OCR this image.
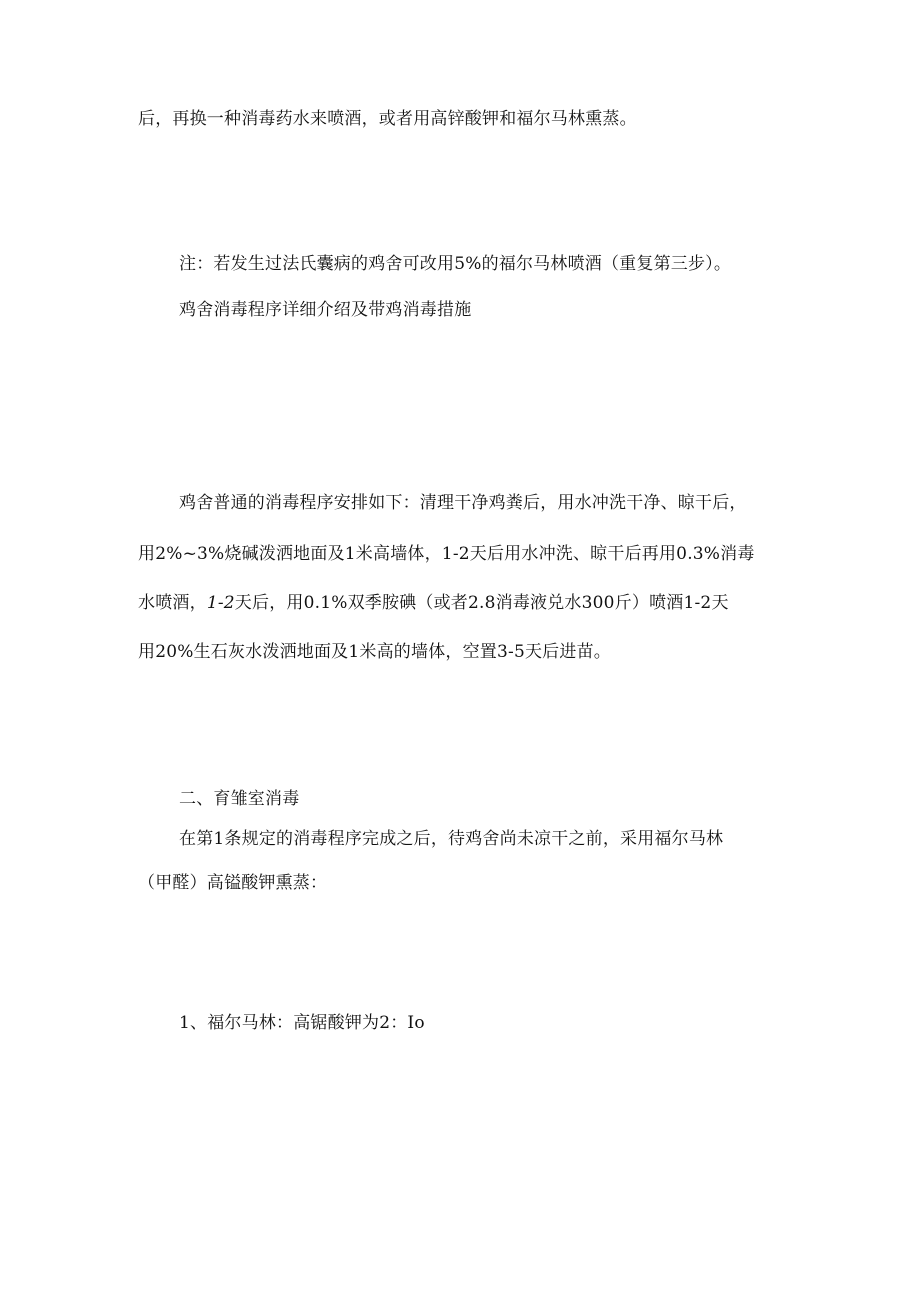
后，再换一种消毒药水来喷酒，或者用高锌酸钾和福尔马林熏蒸。
注：若发生过法氏囊病的鸡舍可改用5%的福尔马林喷酒（重复第三步）。
鸡舍消毒程序详细介绍及带鸡消毒措施
鸡舍普通的消毒程序安排如下：清理干净鸡粪后，用水冲洗干净、晾干后，
用2%~3%烧碱泼洒地面及1米高墙体，1-2天后用水冲洗、晾干后再用0.3%消毒
水喷酒，1-2天后，用0.1%双季胺碘（或者2.8消毒液兑水300斤）喷酒1-2天
用20%生石灰水泼洒地面及1米高的墙体，空置3-5天后进苗。
二、育雏室消毒
在第1条规定的消毒程序完成之后，待鸡舍尚未凉干之前，采用福尔马林
（甲醛）高镒酸钾熏蒸：
1、福尔马林：高锯酸钾为2：Io
